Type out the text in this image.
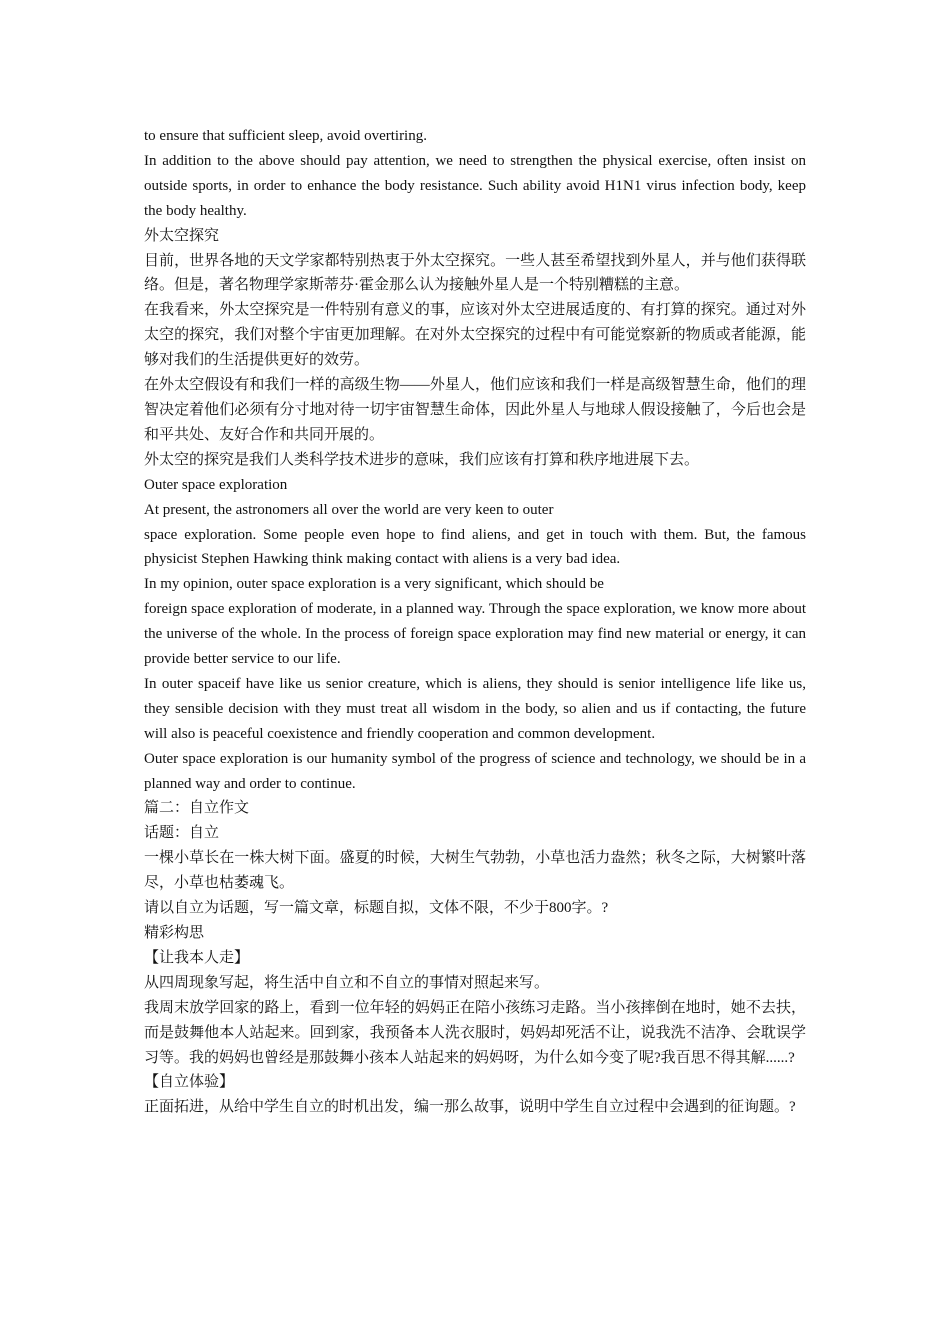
to ensure that sufficient sleep, avoid overtiring.

In addition to the above should pay attention, we need to strengthen the physical exercise, often insist on outside sports, in order to enhance the body resistance. Such ability avoid H1N1 virus infection body, keep the body healthy.

外太空探究

目前，世界各地的天文学家都特别热衷于外太空探究。一些人甚至希望找到外星人，并与他们获得联络。但是，著名物理学家斯蒂芬·霍金那么认为接触外星人是一个特别糟糕的主意。

在我看来，外太空探究是一件特别有意义的事，应该对外太空进展适度的、有打算的探究。通过对外太空的探究，我们对整个宇宙更加理解。在对外太空探究的过程中有可能觉察新的物质或者能源，能够对我们的生活提供更好的效劳。

在外太空假设有和我们一样的高级生物——外星人，他们应该和我们一样是高级智慧生命，他们的理智决定着他们必须有分寸地对待一切宇宙智慧生命体，因此外星人与地球人假设接触了，今后也会是和平共处、友好合作和共同开展的。

外太空的探究是我们人类科学技术进步的意味，我们应该有打算和秩序地进展下去。

Outer space exploration

At present, the astronomers all over the world are very keen to outer

space exploration. Some people even hope to find aliens, and get in touch with them. But, the famous physicist Stephen Hawking think making contact with aliens is a very bad idea.

In my opinion, outer space exploration is a very significant, which should be

foreign space exploration of moderate, in a planned way. Through the space exploration, we know more about the universe of the whole. In the process of foreign space exploration may find new material or energy, it can provide better service to our life.

In outer spaceif have like us senior creature, which is aliens, they should is senior intelligence life like us, they sensible decision with they must treat all wisdom in the body, so alien and us if contacting, the future will also is peaceful coexistence and friendly cooperation and common development.

Outer space exploration is our humanity symbol of the progress of science and technology, we should be in a planned way and order to continue.

篇二：自立作文

话题：自立

一棵小草长在一株大树下面。盛夏的时候，大树生气勃勃，小草也活力盎然；秋冬之际，大树繁叶落尽，小草也枯萎魂飞。

请以自立为话题，写一篇文章，标题自拟，文体不限，不少于800字。?

精彩构思

【让我本人走】

从四周现象写起，将生活中自立和不自立的事情对照起来写。

我周末放学回家的路上，看到一位年轻的妈妈正在陪小孩练习走路。当小孩摔倒在地时，她不去扶，而是鼓舞他本人站起来。回到家，我预备本人洗衣服时，妈妈却死活不让，说我洗不洁净、会耽误学习等。我的妈妈也曾经是那鼓舞小孩本人站起来的妈妈呀，为什么如今变了呢?我百思不得其解......?

【自立体验】

正面拓进，从给中学生自立的时机出发，编一那么故事，说明中学生自立过程中会遇到的征询题。?
